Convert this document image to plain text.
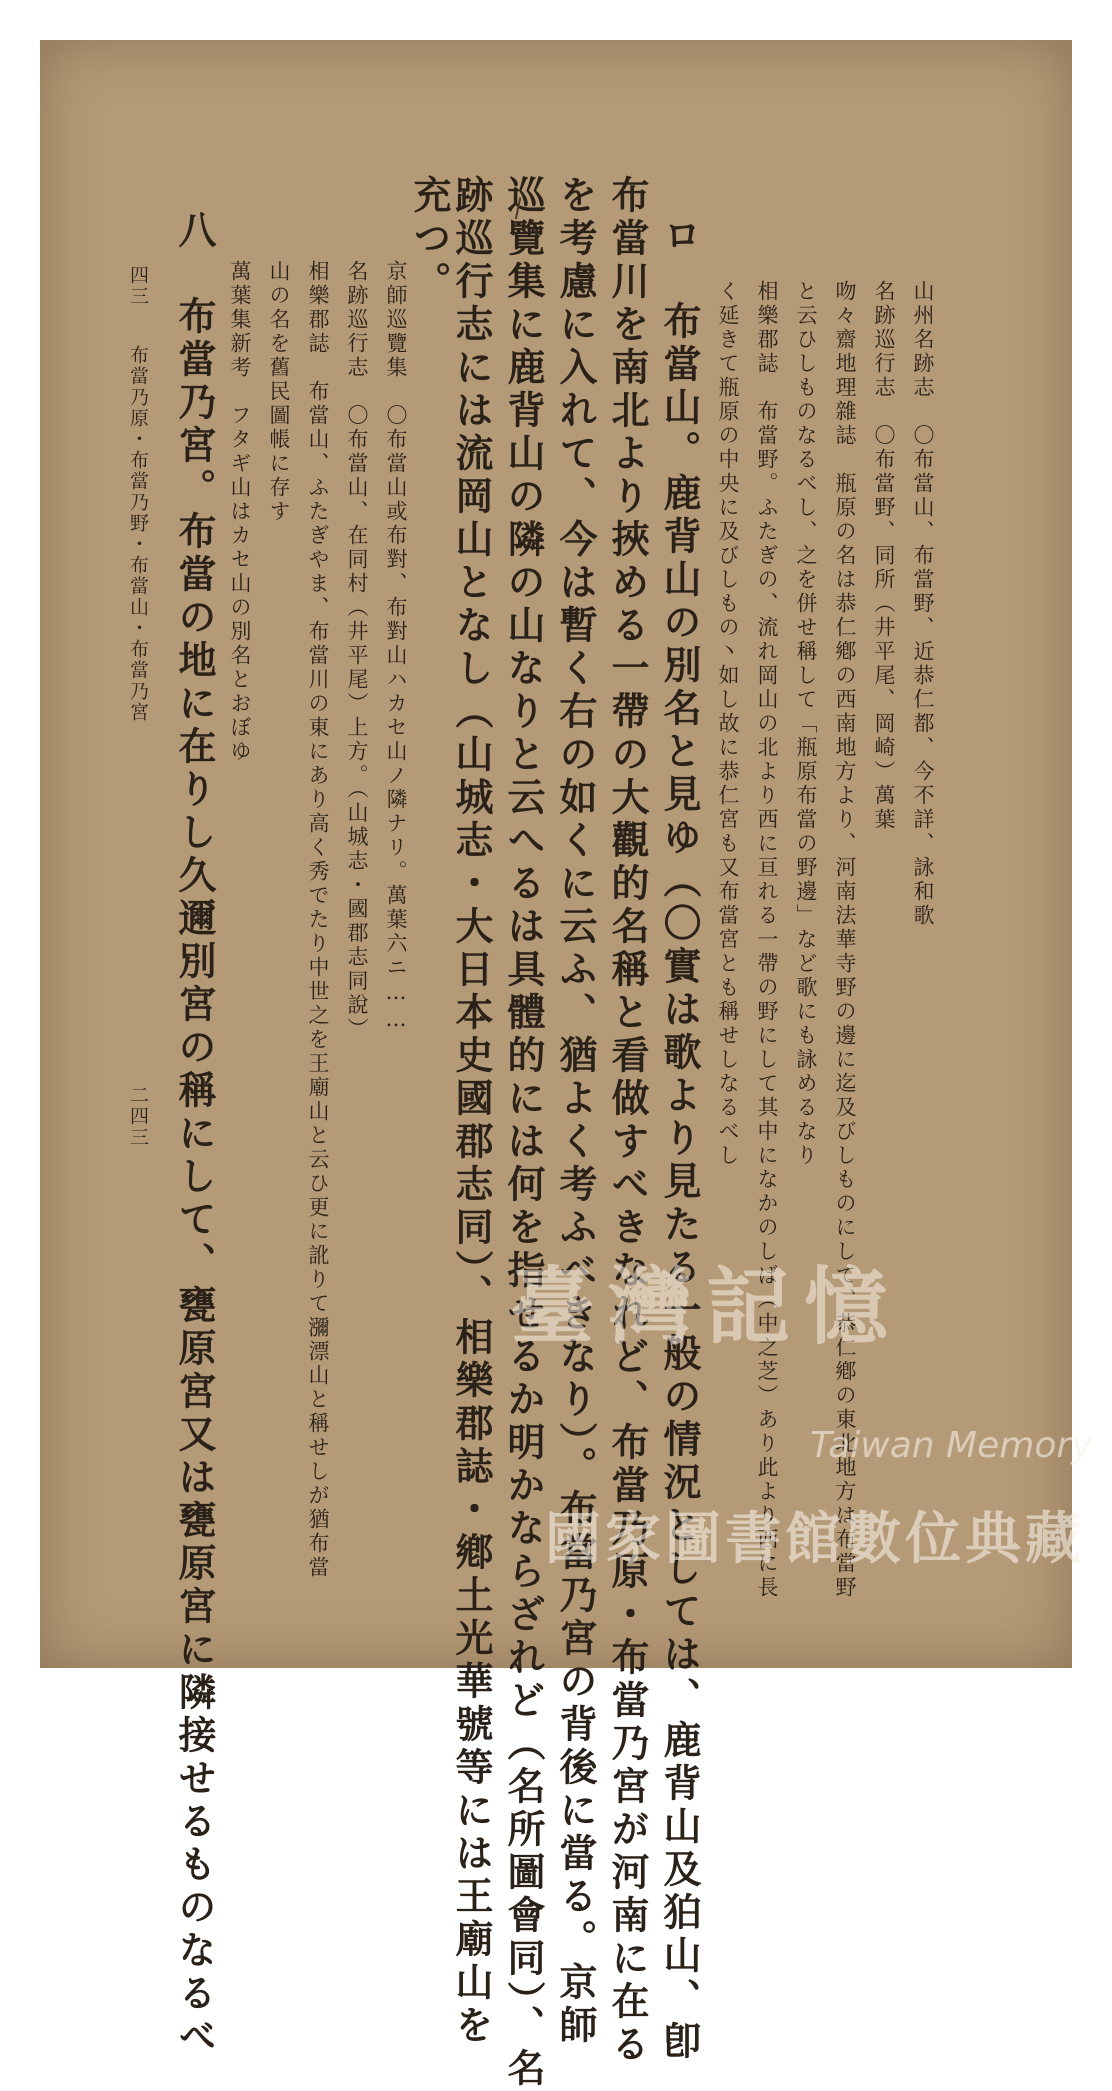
山州名跡志　〇布當山、布當野、近恭仁都、今不詳、詠和歌
名跡巡行志　〇布當野、同所（井平尾、岡崎）萬葉
吻々齋地理雜誌　瓶原の名は恭仁鄕の西南地方より、河南法華寺野の邊に迄及びしものにして、恭仁鄕の東北地方は布當野
と云ひしものなるべし、之を併せ稱して「瓶原布當の野邊」など歌にも詠めるなり
相樂郡誌　布當野。ふたぎの、流れ岡山の北より西に亘れる一帶の野にして其中になかのしば（中之芝）あり此より西に長
く延きて瓶原の中央に及びしもの丶如し故に恭仁宮も又布當宮とも稱せしなるべし
ロ　布當山。鹿背山の別名と見ゆ（〇實は歌より見たる一般の情況としては、鹿背山及狛山、卽
布當川を南北より挾める一帶の大觀的名稱と看做すべきなれど、布當乃原・布當乃宮が河南に在る
を考慮に入れて、今は暫く右の如くに云ふ、猶よく考ふべきなり）。布當乃宮の背後に當る。京師
巡覽集に鹿背山の隣の山なりと云へるは具體的には何を指せるか明かならざれど（名所圖會同）、名
跡巡行志には流岡山となし（山城志・大日本史國郡志同）、相樂郡誌・鄕土光華號等には王廟山を
充つ。
京師巡覽集　〇布當山或布對、布對山ハカセ山ノ隣ナリ。萬葉六ニ……
名跡巡行志　〇布當山、在同村（井平尾）上方。（山城志・國郡志同說）
相樂郡誌　布當山、ふたぎやま、布當川の東にあり高く秀でたり中世之を王廟山と云ひ更に訛りて瀰漂山と稱せしが猶布當
山の名を舊民圖帳に存す
萬葉集新考　フタギ山はカセ山の別名とおぼゆ
八　布當乃宮。布當の地に在りし久邇別宮の稱にして、甕原宮又は甕原宮に隣接せるものなるべ
四三
布當乃原・布當乃野・布當山・布當乃宮
二四三
臺灣記憶
Taiwan Memory
國家圖書館數位典藏
